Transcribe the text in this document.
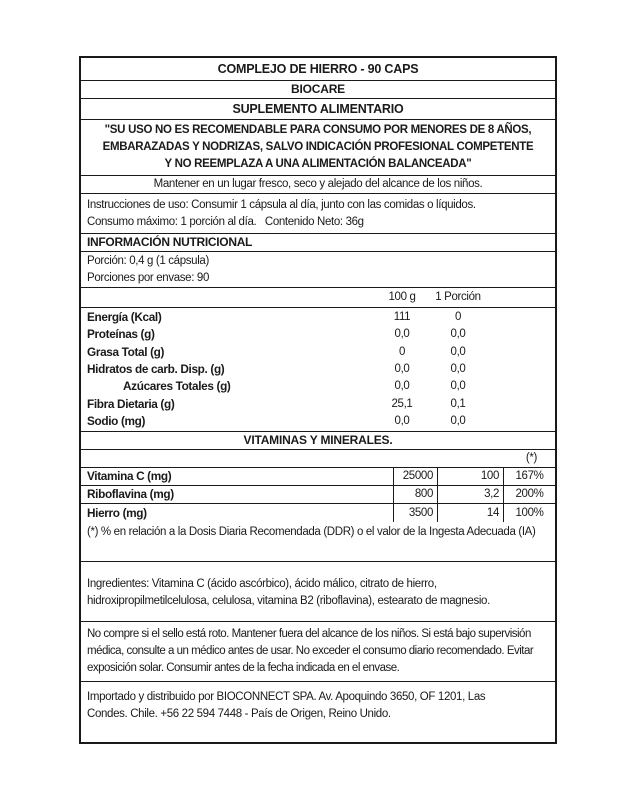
COMPLEJO DE HIERRO - 90 CAPS
BIOCARE
SUPLEMENTO ALIMENTARIO
"SU USO NO ES RECOMENDABLE PARA CONSUMO POR MENORES DE 8 AÑOS,
EMBARAZADAS Y NODRIZAS, SALVO INDICACIÓN PROFESIONAL COMPETENTE
Y NO REEMPLAZA A UNA ALIMENTACIÓN BALANCEADA"
Mantener en un lugar fresco, seco y alejado del alcance de los niños.
Instrucciones de uso: Consumir 1 cápsula al día, junto con las comidas o líquidos.
Consumo máximo: 1 porción al día.   Contenido Neto: 36g
INFORMACIÓN NUTRICIONAL
Porción: 0,4 g (1 cápsula)
Porciones por envase: 90
100 g	1 Porción
Energía (Kcal)	111	0
Proteínas (g)	0,0	0,0
Grasa Total (g)	0	0,0
Hidratos de carb. Disp. (g)	0,0	0,0
Azúcares Totales (g)	0,0	0,0
Fibra Dietaria (g)	25,1	0,1
Sodio (mg)	0,0	0,0
VITAMINAS Y MINERALES.
(*)
Vitamina C (mg)	25000	100	167%
Riboflavina (mg)	800	3,2	200%
Hierro (mg)	3500	14	100%
(*) % en relación a la Dosis Diaria Recomendada (DDR) o el valor de la Ingesta Adecuada (IA)
Ingredientes: Vitamina C (ácido ascórbico), ácido málico, citrato de hierro, hidroxipropilmetilcelulosa, celulosa, vitamina B2 (riboflavina), estearato de magnesio.
No compre si el sello está roto. Mantener fuera del alcance de los niños. Si está bajo supervisión médica, consulte a un médico antes de usar. No exceder el consumo diario recomendado. Evitar exposición solar. Consumir antes de la fecha indicada en el envase.
Importado y distribuido por BIOCONNECT SPA. Av. Apoquindo 3650, OF 1201, Las Condes. Chile. +56 22 594 7448 - País de Origen, Reino Unido.
